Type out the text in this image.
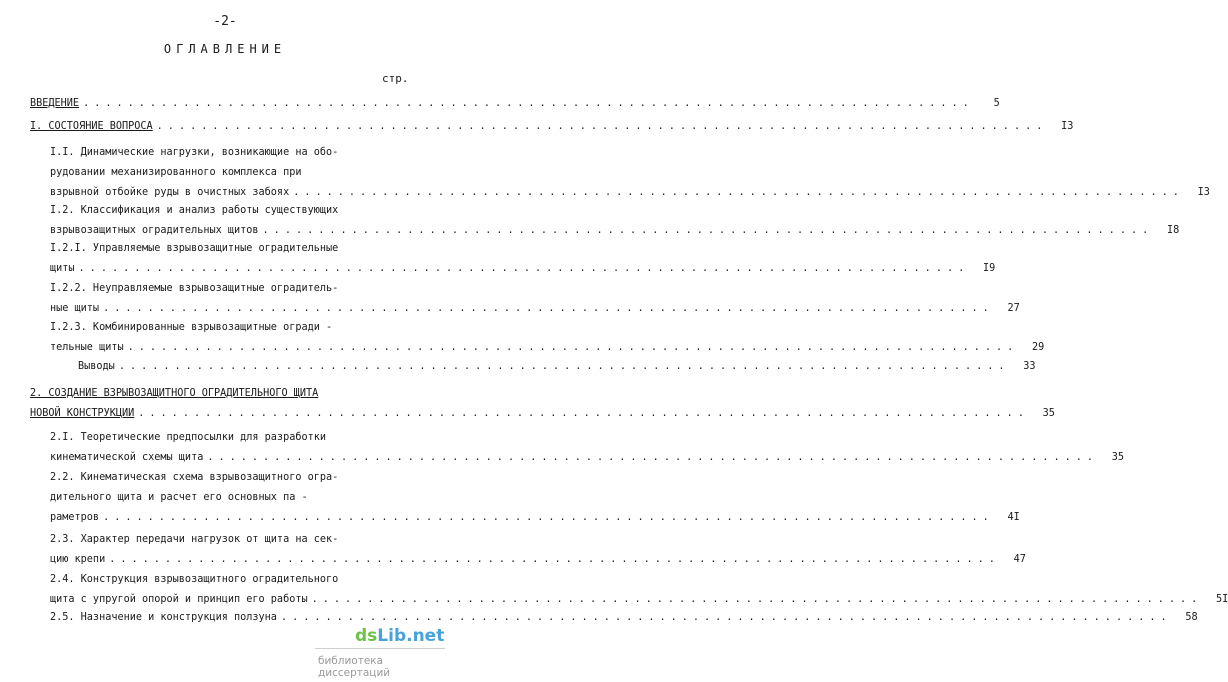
-2-
ОГЛАВЛЕНИЕ
стр.
ВВЕДЕНИЕ ................................................................................	5
I. СОСТОЯНИЕ ВОПРОСА ................................................................................	I3
I.I. Динамические нагрузки, возникающие на обо-
рудовании механизированного комплекса при
взрывной отбойке руды в очистных забоях ................................................................................	I3
I.2. Классификация и анализ работы существующих
взрывозащитных оградительных щитов ................................................................................	I8
I.2.I. Управляемые взрывозащитные оградительные
щиты ................................................................................	I9
I.2.2. Неуправляемые взрывозащитные оградитель-
ные щиты ................................................................................	27
I.2.3. Комбинированные взрывозащитные огради -
тельные щиты ................................................................................	29
Выводы ................................................................................	33
2. СОЗДАНИЕ ВЗРЫВОЗАЩИТНОГО ОГРАДИТЕЛЬНОГО ЩИТА
НОВОЙ КОНСТРУКЦИИ ................................................................................	35
2.I. Теоретические предпосылки для разработки
кинематической схемы щита ................................................................................	35
2.2. Кинематическая схема взрывозащитного огра-
дительного щита и расчет его основных па -
раметров ................................................................................	4I
2.3. Характер передачи нагрузок от щита на сек-
цию крепи ................................................................................	47
2.4. Конструкция взрывозащитного оградительного
щита с упругой опорой и принцип его работы ................................................................................	5I
2.5. Назначение и конструкция ползуна ................................................................................	58
dsLib.net
библиотека диссертаций
